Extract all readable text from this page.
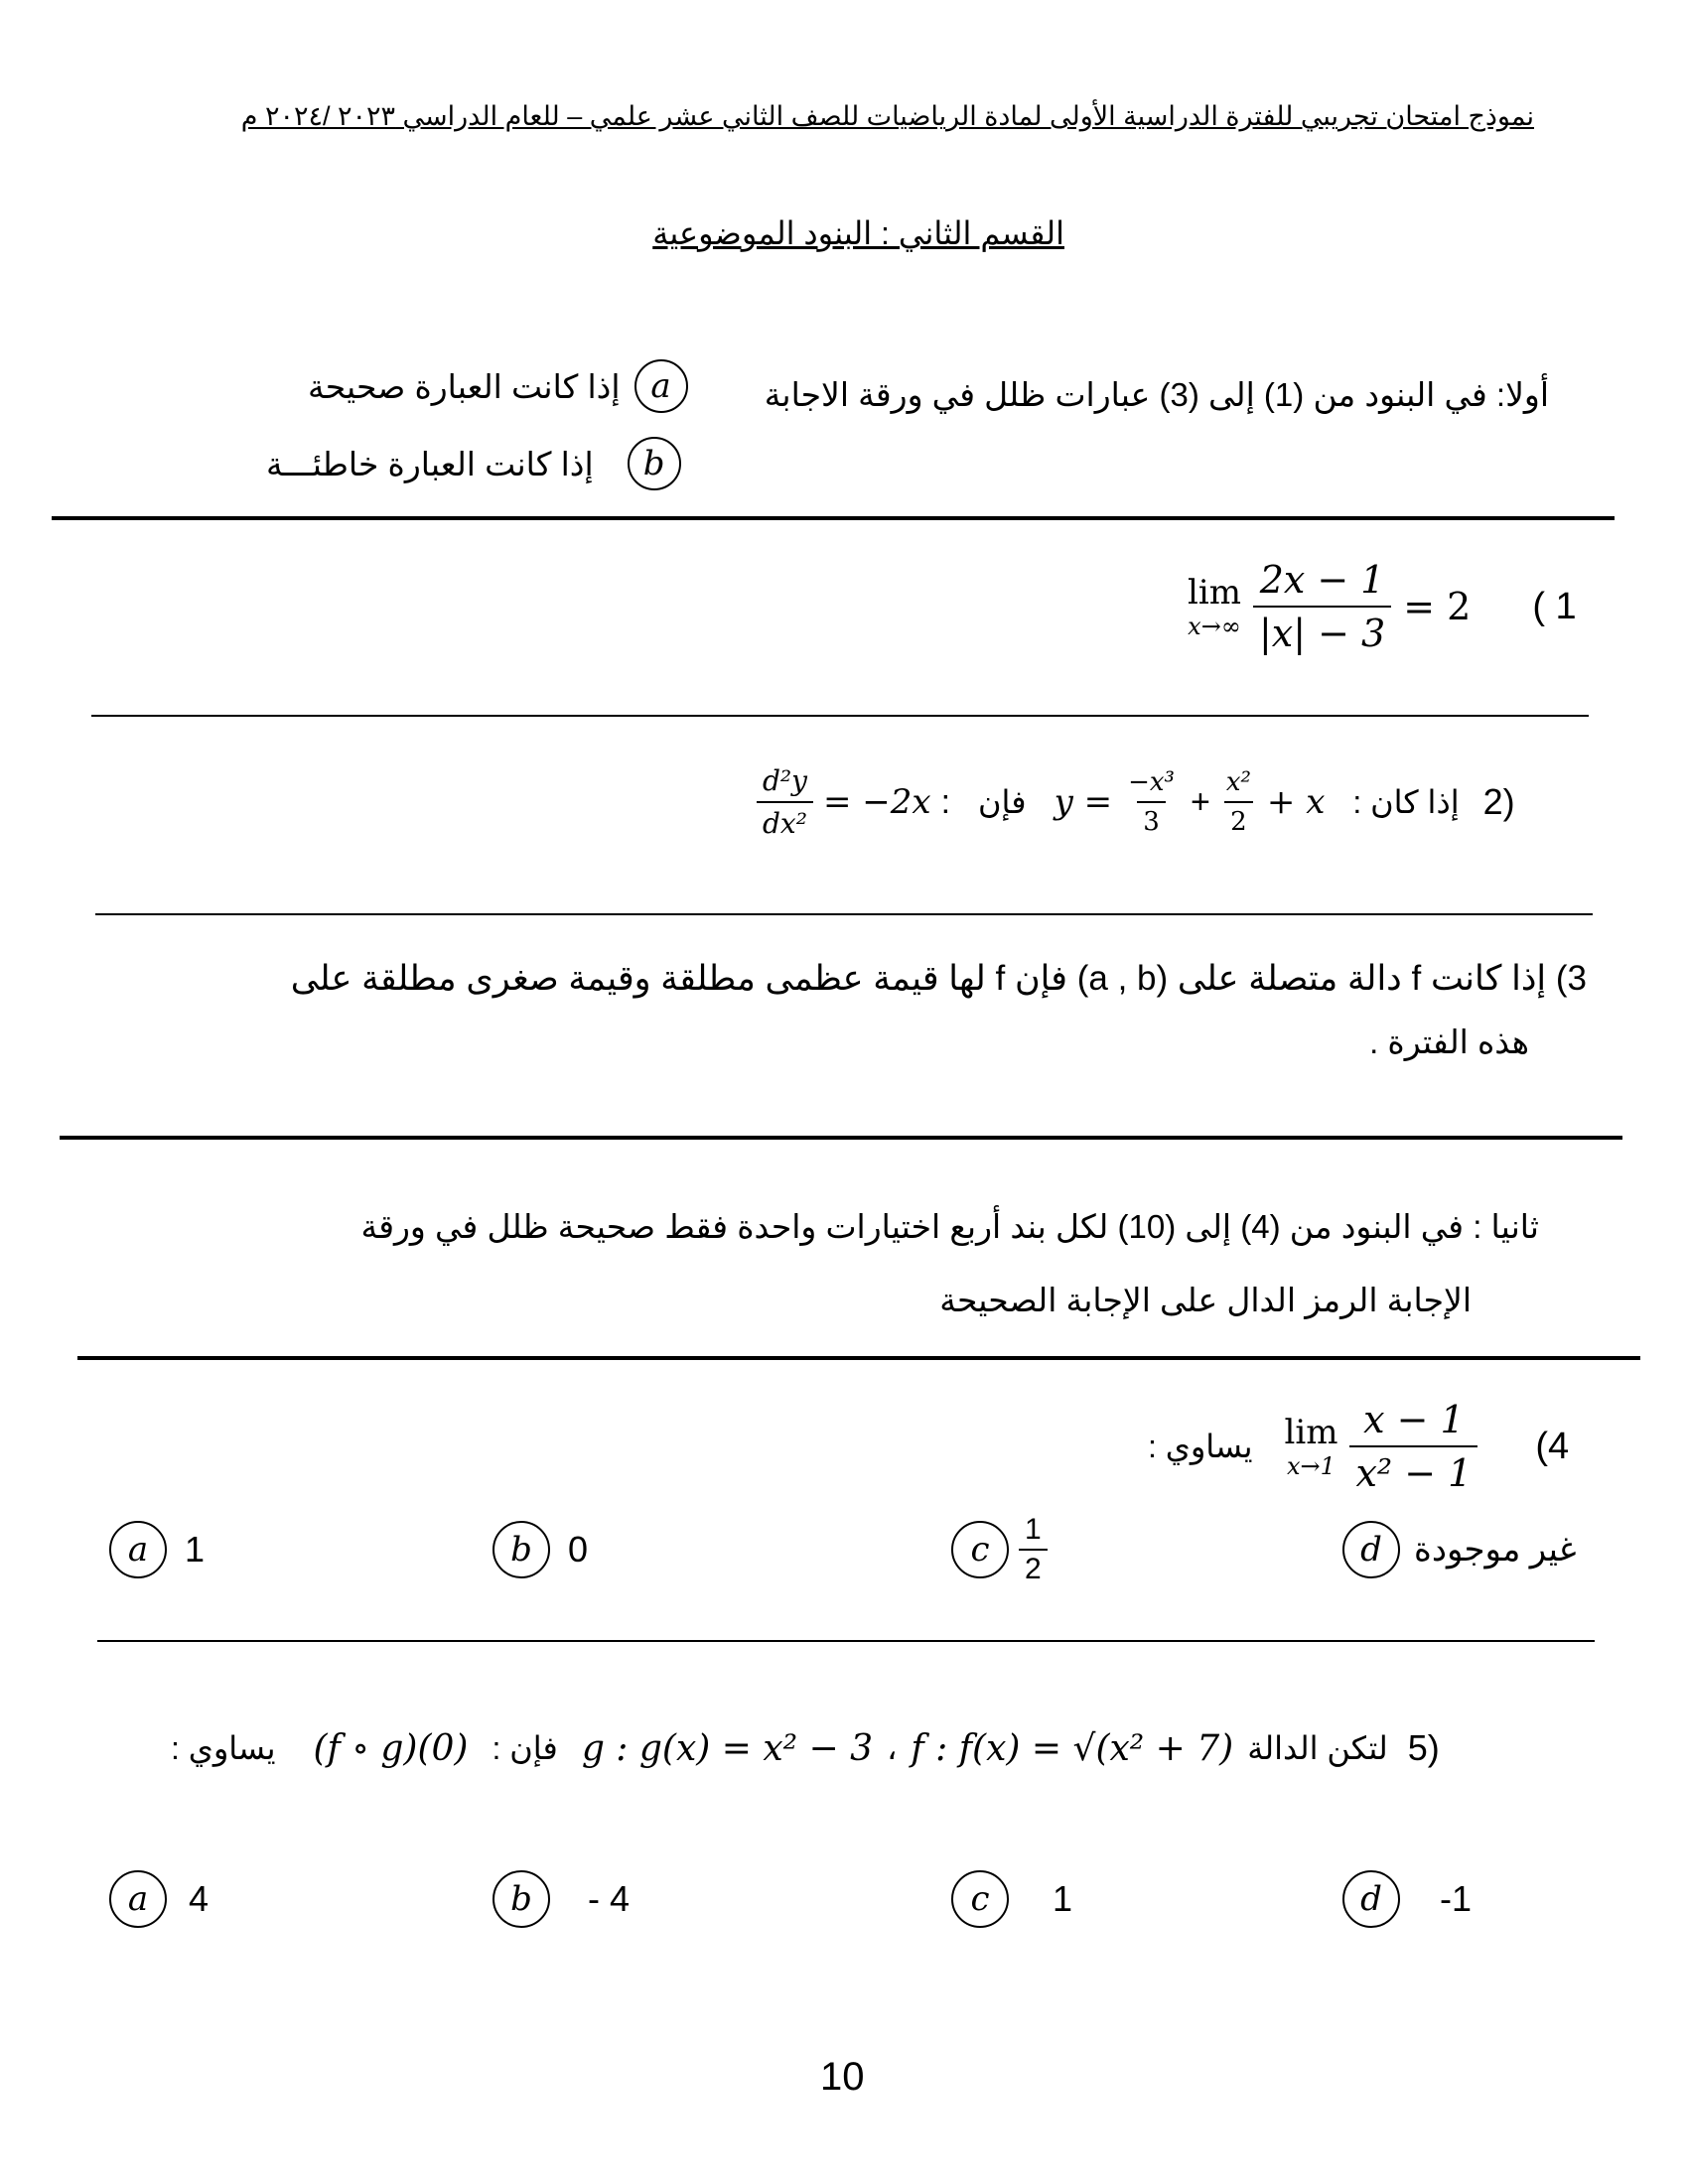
نموذج امتحان تجريبي للفترة الدراسية الأولى لمادة الرياضيات للصف الثاني عشر علمي – للعام الدراسي ٢٠٢٣ /٢٠٢٤ م
القسم الثاني : البنود الموضوعية
أولا: في البنود من (1) إلى (3) عبارات ظلل في ورقة الاجابة
a
إذا كانت العبارة صحيحة
b
إذا كانت العبارة خاطئـــة
lim
$x\to\infty \frac{2x - 1}{|x| - 3} = 2$ ( 1
$\frac{\text{d²y}}{\text{dx²}} = -2x$ : فإن $y = \frac{\text{−x³}}{3} + \frac{\text{x²}}{2} + x$ إذا كان : 2)
3) إذا كانت f دالة متصلة على (a , b) فإن f لها قيمة عظمى مطلقة وقيمة صغرى مطلقة على
هذه الفترة .
ثانيا : في البنود من (4) إلى (10) لكل بند أربع اختيارات واحدة فقط صحيحة ظلل في ورقة
الإجابة الرمز الدال على الإجابة الصحيحة
يساوي : lim
$x\to 1 \frac{x - 1}{\text{x² − 1}} (4$
a	1	b	0	c $\frac{1}{2}$	d غير موجودة
يساوي : (f ∘ g)(0) فإن : g : g(x) = x² − 3 ، f : f(x) = √(x² + 7) لتكن الدالة 5)
a	4	b	- 4	c	1	d	-1
10
